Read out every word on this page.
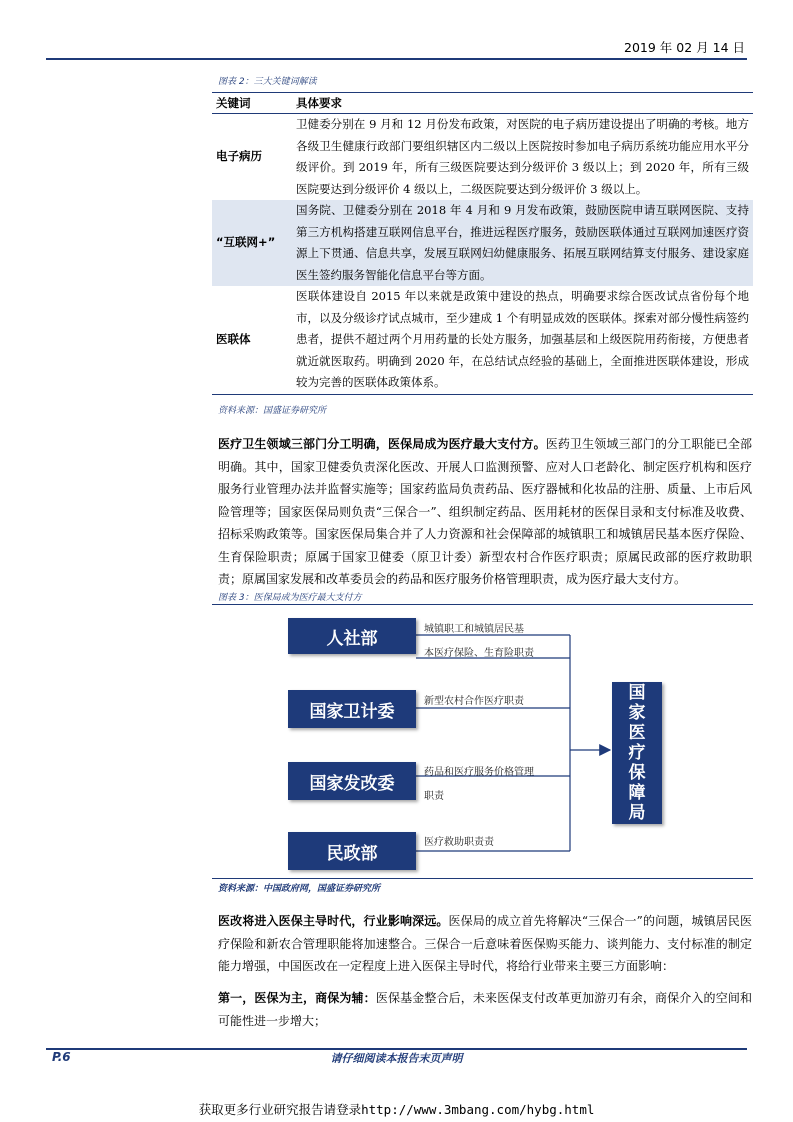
2019 年 02 月 14 日
图表 2：三大关键词解读
关键词	具体要求
电子病历	卫健委分别在 9 月和 12 月份发布政策，对医院的电子病历建设提出了明确的考核。地方各级卫生健康行政部门要组织辖区内二级以上医院按时参加电子病历系统功能应用水平分级评价。到 2019 年，所有三级医院要达到分级评价 3 级以上；到 2020 年，所有三级医院要达到分级评价 4 级以上，二级医院要达到分级评价 3 级以上。
“互联网+”	国务院、卫健委分别在 2018 年 4 月和 9 月发布政策，鼓励医院申请互联网医院、支持第三方机构搭建互联网信息平台，推进远程医疗服务，鼓励医联体通过互联网加速医疗资源上下贯通、信息共享，发展互联网妇幼健康服务、拓展互联网结算支付服务、建设家庭医生签约服务智能化信息平台等方面。
医联体	医联体建设自 2015 年以来就是政策中建设的热点，明确要求综合医改试点省份每个地市，以及分级诊疗试点城市，至少建成 1 个有明显成效的医联体。探索对部分慢性病签约患者，提供不超过两个月用药量的长处方服务，加强基层和上级医院用药衔接，方便患者就近就医取药。明确到 2020 年，在总结试点经验的基础上，全面推进医联体建设，形成较为完善的医联体政策体系。
资料来源：国盛证券研究所

医疗卫生领域三部门分工明确，医保局成为医疗最大支付方。医药卫生领域三部门的分工职能已全部明确。其中，国家卫健委负责深化医改、开展人口监测预警、应对人口老龄化、制定医疗机构和医疗服务行业管理办法并监督实施等；国家药监局负责药品、医疗器械和化妆品的注册、质量、上市后风险管理等；国家医保局则负责“三保合一”、组织制定药品、医用耗材的医保目录和支付标准及收费、招标采购政策等。国家医保局集合并了人力资源和社会保障部的城镇职工和城镇居民基本医疗保险、生育保险职责；原属于国家卫健委（原卫计委）新型农村合作医疗职责；原属民政部的医疗救助职责；原属国家发展和改革委员会的药品和医疗服务价格管理职责，成为医疗最大支付方。

图表 3：医保局成为医疗最大支付方
人社部	城镇职工和城镇居民基
本医疗保险、生育险职责
国家卫计委	新型农村合作医疗职责
国家发改委
药品和医疗服务价格管理
职责
民政部
医疗救助职责责
国
家
医
疗
保
障
局
资料来源：中国政府网，国盛证券研究所

医改将进入医保主导时代，行业影响深远。医保局的成立首先将解决“三保合一”的问题，城镇居民医疗保险和新农合管理职能将加速整合。三保合一后意味着医保购买能力、谈判能力、支付标准的制定能力增强，中国医改在一定程度上进入医保主导时代，将给行业带来主要三方面影响：

第一，医保为主，商保为辅：医保基金整合后，未来医保支付改革更加游刃有余，商保介入的空间和可能性进一步增大；

P.6	请仔细阅读本报告末页声明
获取更多行业研究报告请登录http://www.3mbang.com/hybg.html
